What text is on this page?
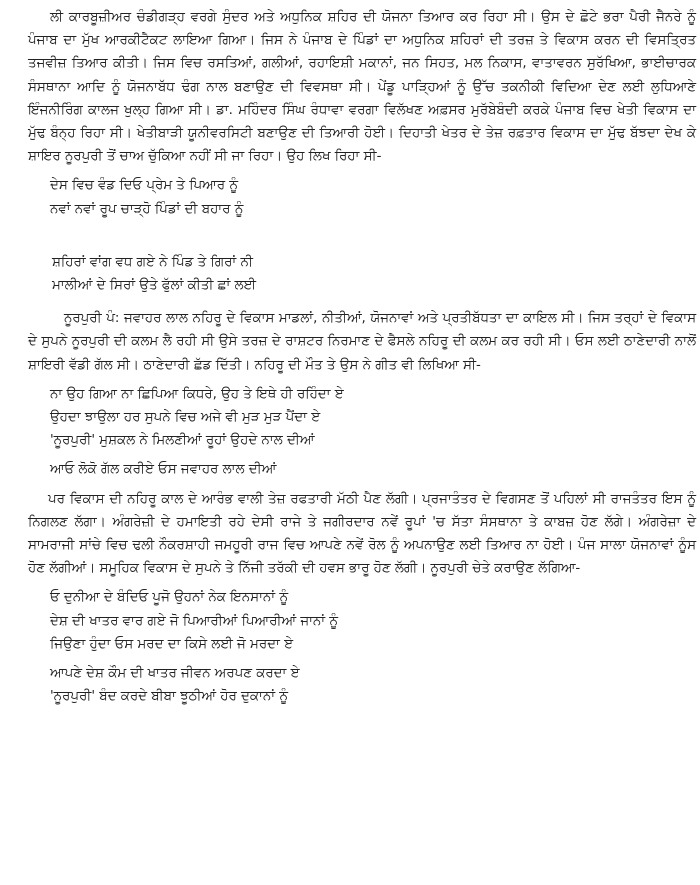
ਲੀ ਕਾਰਬੂਜ਼ੀਅਰ ਚੰਡੀਗੜ੍ਹ ਵਰਗੇ ਸੁੰਦਰ ਅਤੇ ਅਧੁਨਿਕ ਸ਼ਹਿਰ ਦੀ ਯੋਜਨਾ ਤਿਆਰ ਕਰ ਰਿਹਾ ਸੀ। ਉਸ ਦੇ ਛੋਟੇ ਭਰਾ ਪੈਰੀ ਜੈਨਰੇ ਨੂੰ ਪੰਜਾਬ ਦਾ ਮੁੱਖ ਆਰਕੀਟੈਕਟ ਲਾਇਆ ਗਿਆ। ਜਿਸ ਨੇ ਪੰਜਾਬ ਦੇ ਪਿੰਡਾਂ ਦਾ ਅਧੁਨਿਕ ਸ਼ਹਿਰਾਂ ਦੀ ਤਰਜ਼ ਤੇ ਵਿਕਾਸ ਕਰਨ ਦੀ ਵਿਸਤ੍ਰਿਤ ਤਜਵੀਜ਼ ਤਿਆਰ ਕੀਤੀ। ਜਿਸ ਵਿਚ ਰਸਤਿਆਂ, ਗਲੀਆਂ, ਰਹਾਇਸ਼ੀ ਮਕਾਨਾਂ, ਜਨ ਸਿਹਤ, ਮਲ ਨਿਕਾਸ, ਵਾਤਾਵਰਨ ਸੁਰੱਖਿਆ, ਭਾਈਚਾਰਕ ਸੰਸਥਾਨਾ ਆਦਿ ਨੂੰ ਯੋਜਨਾਬੱਧ ਢੰਗ ਨਾਲ ਬਣਾਉਣ ਦੀ ਵਿਵਸਥਾ ਸੀ। ਪੇਂਡੂ ਪਾੜ੍ਹਿਆਂ ਨੂੰ ਉੱਚ ਤਕਨੀਕੀ ਵਿਦਿਆ ਦੇਣ ਲਈ ਲੁਧਿਆਣੇ ਇੰਜਨੀਰਿੰਗ ਕਾਲਜ ਖੁਲ੍ਹ ਗਿਆ ਸੀ। ਡਾ. ਮਹਿੰਦਰ ਸਿੰਘ ਰੰਧਾਵਾ ਵਰਗਾ ਵਿਲੱਖਣ ਅਫ਼ਸਰ ਮੁਰੱਬੇਬੰਦੀ ਕਰਕੇ ਪੰਜਾਬ ਵਿਚ ਖੇਤੀ ਵਿਕਾਸ ਦਾ ਮੁੱਢ ਬੰਨ੍ਹ ਰਿਹਾ ਸੀ। ਖੇਤੀਬਾੜੀ ਯੂਨੀਵਰਸਿਟੀ ਬਣਾਉਣ ਦੀ ਤਿਆਰੀ ਹੋਈ। ਦਿਹਾਤੀ ਖੇਤਰ ਦੇ ਤੇਜ਼ ਰਫ਼ਤਾਰ ਵਿਕਾਸ ਦਾ ਮੁੱਢ ਬੱਝਦਾ ਦੇਖ ਕੇ ਸ਼ਾਇਰ ਨੂਰਪੁਰੀ ਤੋਂ ਚਾਅ ਚੁੱਕਿਆ ਨਹੀਂ ਸੀ ਜਾ ਰਿਹਾ। ਉਹ ਲਿਖ ਰਿਹਾ ਸੀ-

ਦੇਸ ਵਿਚ ਵੰਡ ਦਿਓ ਪ੍ਰੇਮ ਤੇ ਪਿਆਰ ਨੂੰ
ਨਵਾਂ ਨਵਾਂ ਰੂਪ ਚਾੜ੍ਹੋ ਪਿੰਡਾਂ ਦੀ ਬਹਾਰ ਨੂੰ
ਸ਼ਹਿਰਾਂ ਵਾਂਗ ਵਧ ਗਏ ਨੇ ਪਿੰਡ ਤੇ ਗਿਰਾਂ ਨੀ
ਮਾਲੀਆਂ ਦੇ ਸਿਰਾਂ ਉਤੇ ਫੁੱਲਾਂ ਕੀਤੀ ਛਾਂ ਲਈ

ਨੂਰਪੁਰੀ ਪੰ: ਜਵਾਹਰ ਲਾਲ ਨਹਿਰੂ ਦੇ ਵਿਕਾਸ ਮਾਡਲਾਂ, ਨੀਤੀਆਂ, ਯੋਜਨਾਵਾਂ ਅਤੇ ਪ੍ਰਤੀਬੱਧਤਾ ਦਾ ਕਾਇਲ ਸੀ। ਜਿਸ ਤਰ੍ਹਾਂ ਦੇ ਵਿਕਾਸ ਦੇ ਸੁਪਨੇ ਨੂਰਪੁਰੀ ਦੀ ਕਲਮ ਲੈ ਰਹੀ ਸੀ ਉਸੇ ਤਰਜ਼ ਦੇ ਰਾਸ਼ਟਰ ਨਿਰਮਾਣ ਦੇ ਫੈਸਲੇ ਨਹਿਰੂ ਦੀ ਕਲਮ ਕਰ ਰਹੀ ਸੀ। ਓਸ ਲਈ ਠਾਣੇਦਾਰੀ ਨਾਲੋਂ ਸ਼ਾਇਰੀ ਵੱਡੀ ਗੱਲ ਸੀ। ਠਾਣੇਦਾਰੀ ਛੱਡ ਦਿੱਤੀ। ਨਹਿਰੂ ਦੀ ਮੌਤ ਤੇ ਉਸ ਨੇ ਗੀਤ ਵੀ ਲਿਖਿਆ ਸੀ-

ਨਾ ਉਹ ਗਿਆ ਨਾ ਛਿਪਿਆ ਕਿਧਰੇ, ਉਹ ਤੇ ਇਥੇ ਹੀ ਰਹਿੰਦਾ ਏ
ਉਹਦਾ ਝਾਉਲਾ ਹਰ ਸੁਪਨੇ ਵਿਚ ਅਜੇ ਵੀ ਮੁੜ ਮੁੜ ਪੈਂਦਾ ਏ
'ਨੂਰਪੁਰੀ' ਮੁਸ਼ਕਲ ਨੇ ਮਿਲਣੀਆਂ ਰੂਹਾਂ ਉਹਦੇ ਨਾਲ ਦੀਆਂ
ਆਓ ਲੋਕੋ ਗੱਲ ਕਰੀਏ ਓਸ ਜਵਾਹਰ ਲਾਲ ਦੀਆਂ

ਪਰ ਵਿਕਾਸ ਦੀ ਨਹਿਰੂ ਕਾਲ ਦੇ ਆਰੰਭ ਵਾਲੀ ਤੇਜ਼ ਰਫਤਾਰੀ ਮੱਠੀ ਪੈਣ ਲੱਗੀ। ਪ੍ਰਜਾਤੰਤਰ ਦੇ ਵਿਗਸਣ ਤੋਂ ਪਹਿਲਾਂ ਸੀ ਰਾਜਤੰਤਰ ਇਸ ਨੂੰ ਨਿਗਲਣ ਲੱਗਾ। ਅੰਗਰੇਜ਼ੀ ਦੇ ਹਮਾਇਤੀ ਰਹੇ ਦੇਸੀ ਰਾਜੇ ਤੇ ਜਗੀਰਦਾਰ ਨਵੇਂ ਰੂਪਾਂ 'ਚ ਸੱਤਾ ਸੰਸਥਾਨਾ ਤੇ ਕਾਬਜ਼ ਹੋਣ ਲੱਗੇ। ਅੰਗਰੇਜ਼ਾ ਦੇ ਸਾਮਰਾਜੀ ਸਾਂਚੇ ਵਿਚ ਢਲੀ ਨੌਕਰਸ਼ਾਹੀ ਜਮਹੂਰੀ ਰਾਜ ਵਿਚ ਆਪਣੇ ਨਵੇਂ ਰੋਲ ਨੂੰ ਅਪਨਾਉਣ ਲਈ ਤਿਆਰ ਨਾ ਹੋਈ। ਪੰਜ ਸਾਲਾ ਯੋਜਨਾਵਾਂ ਨੂੰਸ ਹੋਣ ਲੱਗੀਆਂ। ਸਮੂਹਿਕ ਵਿਕਾਸ ਦੇ ਸੁਪਨੇ ਤੇ ਨਿੱਜੀ ਤਰੱਕੀ ਦੀ ਹਵਸ ਭਾਰੂ ਹੋਣ ਲੱਗੀ। ਨੂਰਪੁਰੀ ਚੇਤੇ ਕਰਾਉਣ ਲੱਗਿਆ-

ਓ ਦੁਨੀਆ ਦੇ ਬੰਦਿਓ ਪੂਜੋ ਉਹਨਾਂ ਨੇਕ ਇਨਸਾਨਾਂ ਨੂੰ
ਦੇਸ਼ ਦੀ ਖਾਤਰ ਵਾਰ ਗਏ ਜੋ ਪਿਆਰੀਆਂ ਪਿਆਰੀਆਂ ਜਾਨਾਂ ਨੂੰ
ਜਿਉਣਾ ਹੁੰਦਾ ਓਸ ਮਰਦ ਦਾ ਕਿਸੇ ਲਈ ਜੋ ਮਰਦਾ ਏ
ਆਪਣੇ ਦੇਸ਼ ਕੌਮ ਦੀ ਖਾਤਰ ਜੀਵਨ ਅਰਪਣ ਕਰਦਾ ਏ
'ਨੂਰਪੁਰੀ' ਬੰਦ ਕਰਦੇ ਬੀਬਾ ਝੂਠੀਆਂ ਹੋਰ ਦੁਕਾਨਾਂ ਨੂੰ
